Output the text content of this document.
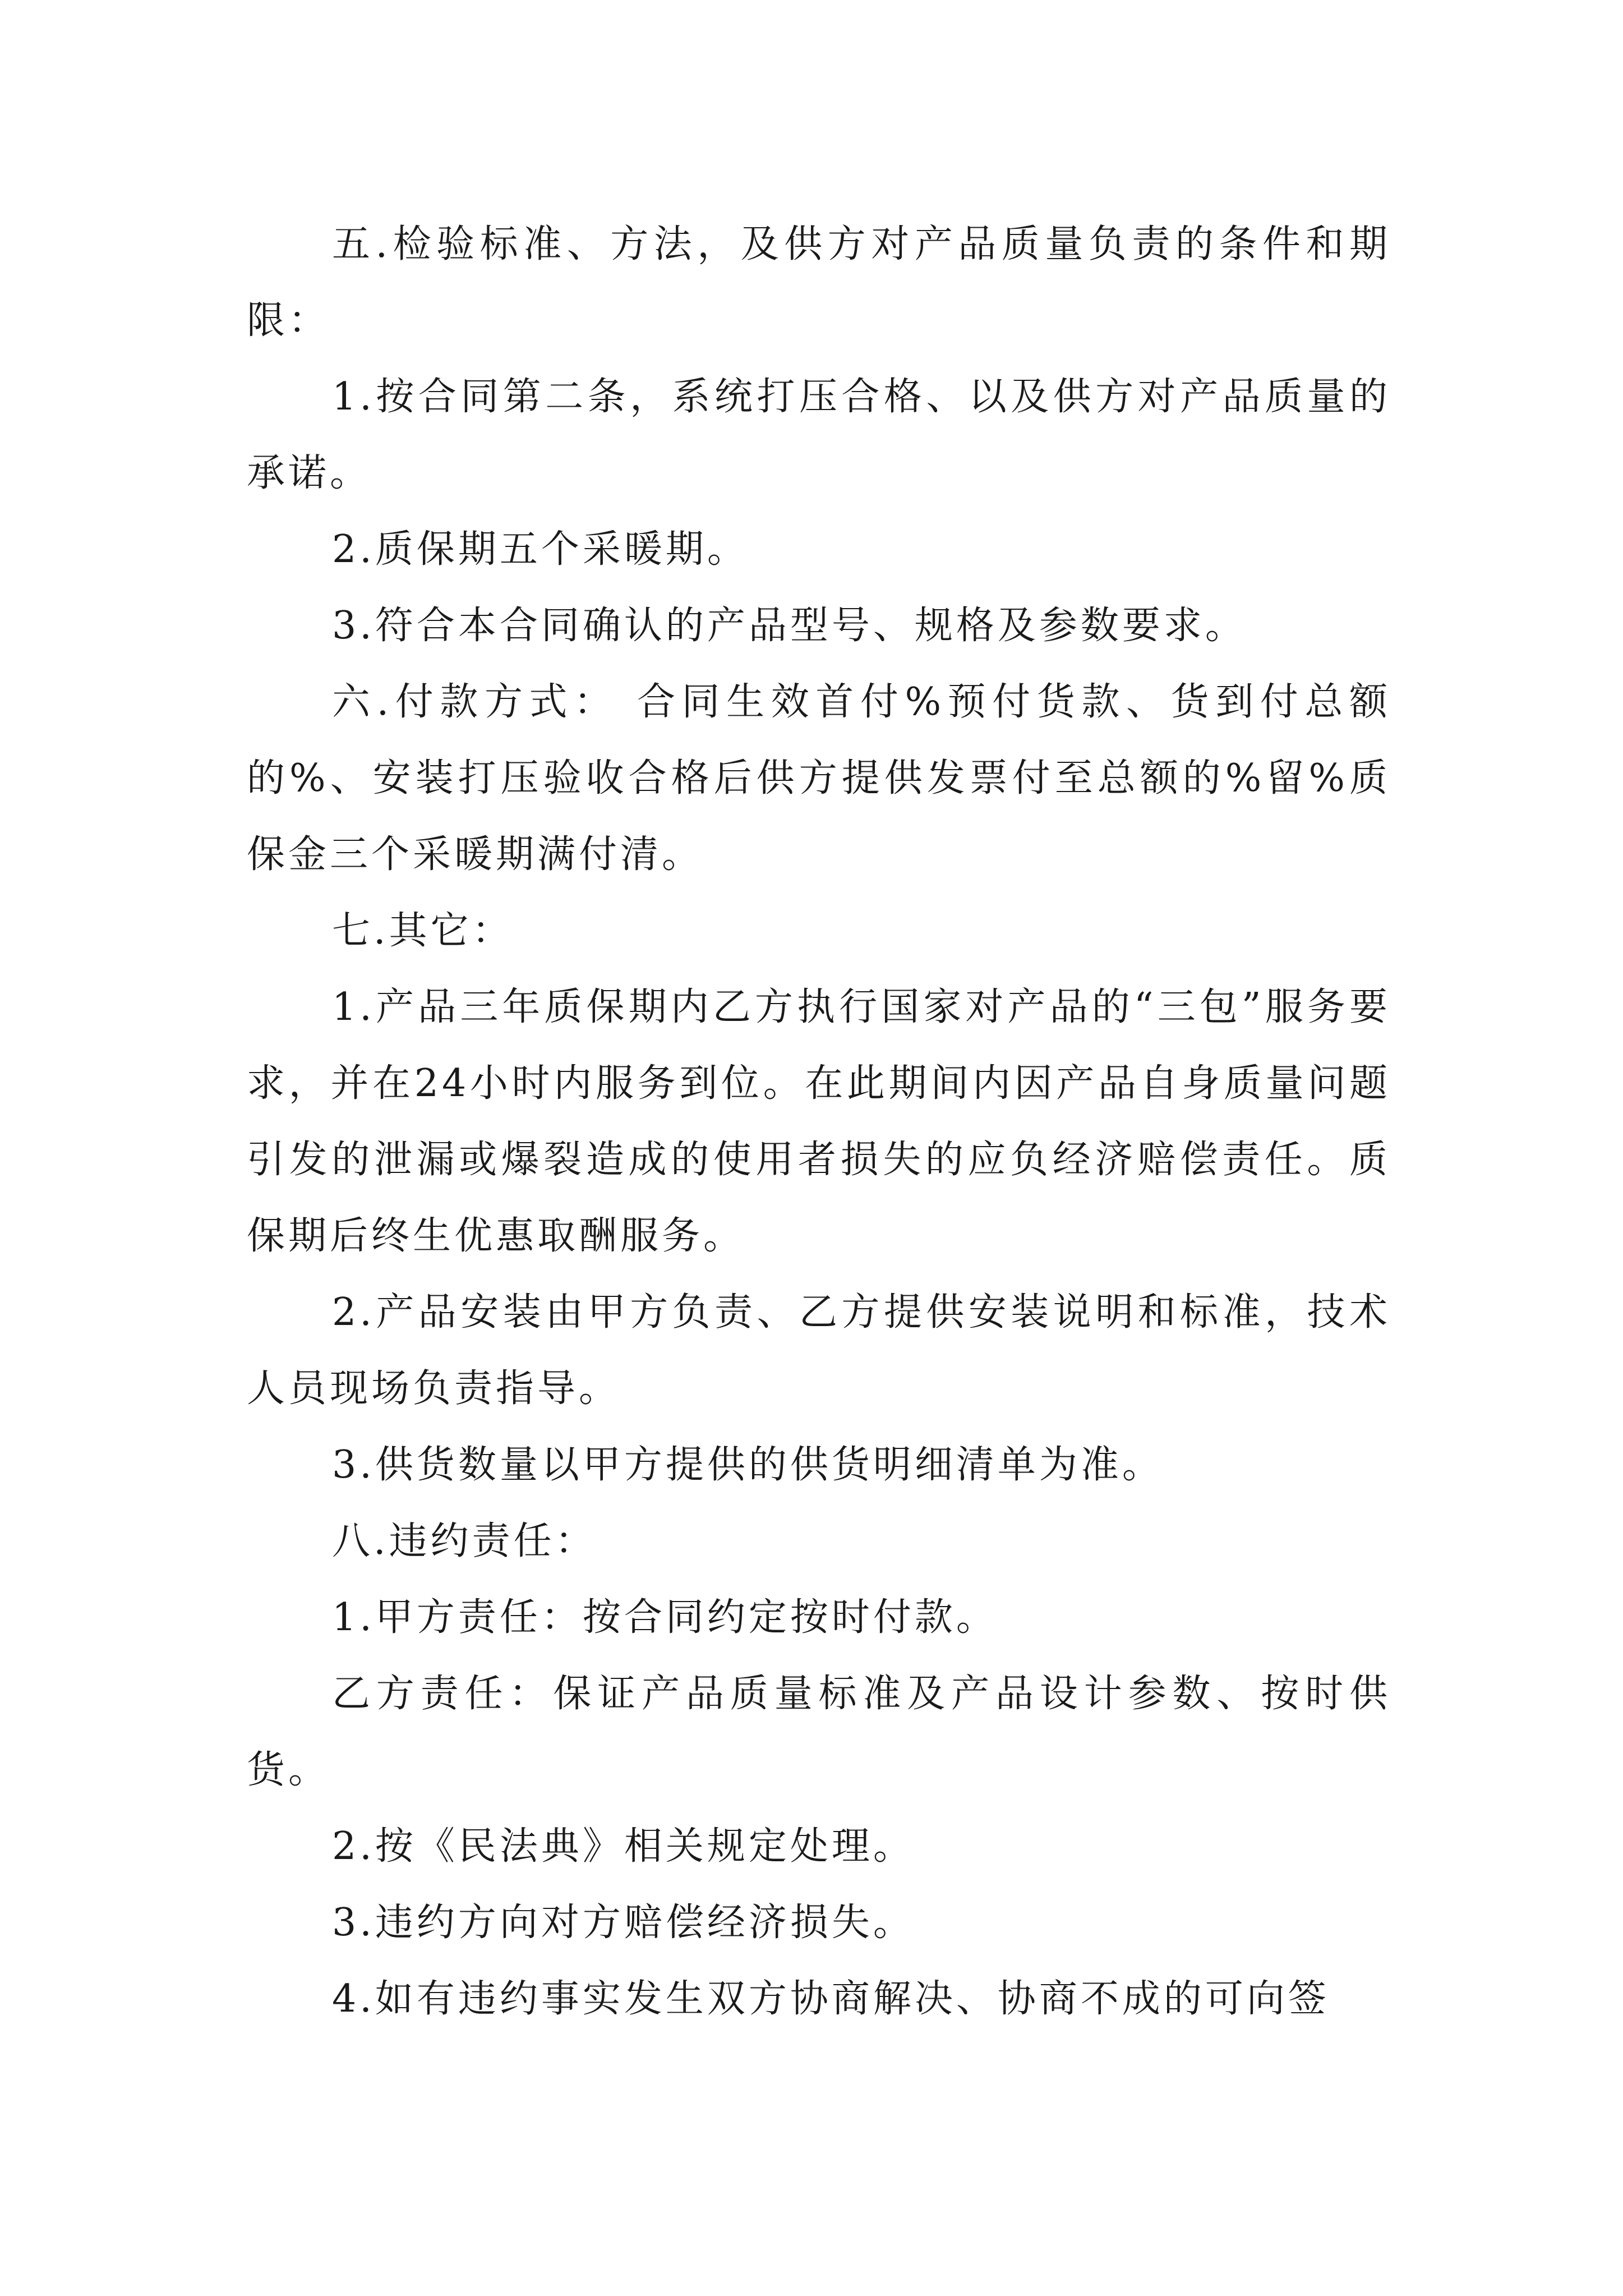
五.检验标准、方法，及供方对产品质量负责的条件和期限：

1.按合同第二条，系统打压合格、以及供方对产品质量的承诺。

2.质保期五个采暖期。

3.符合本合同确认的产品型号、规格及参数要求。

六.付款方式： 合同生效首付%预付货款、货到付总额的%、安装打压验收合格后供方提供发票付至总额的%留%质保金三个采暖期满付清。

七.其它：

1.产品三年质保期内乙方执行国家对产品的“三包”服务要求，并在24小时内服务到位。在此期间内因产品自身质量问题引发的泄漏或爆裂造成的使用者损失的应负经济赔偿责任。质保期后终生优惠取酬服务。

2.产品安装由甲方负责、乙方提供安装说明和标准，技术人员现场负责指导。

3.供货数量以甲方提供的供货明细清单为准。

八.违约责任：

1.甲方责任：按合同约定按时付款。

乙方责任：保证产品质量标准及产品设计参数、按时供货。

2.按《民法典》相关规定处理。

3.违约方向对方赔偿经济损失。

4.如有违约事实发生双方协商解决、协商不成的可向签
